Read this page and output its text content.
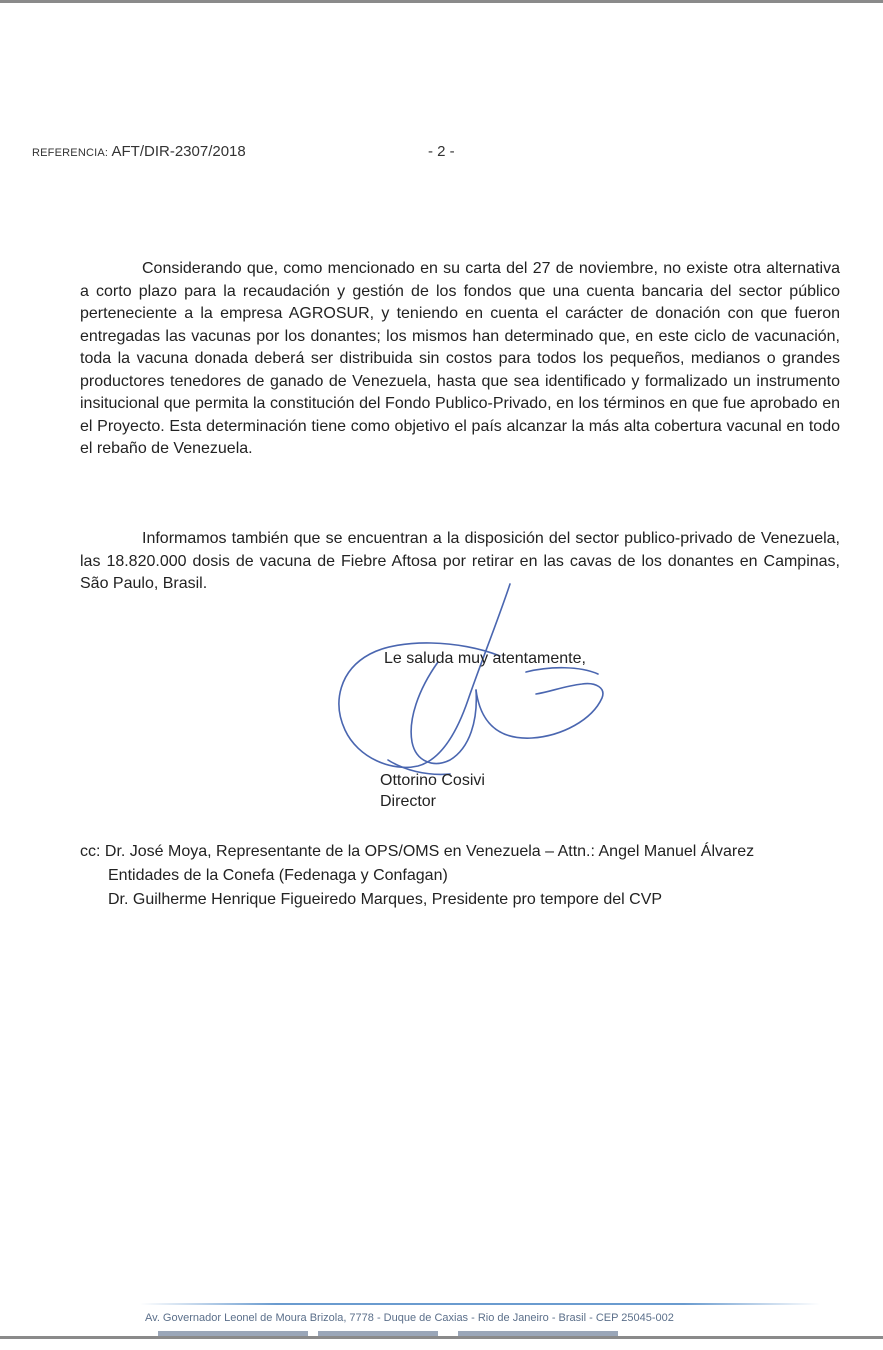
REFERENCIA: AFT/DIR-2307/2018	- 2 -

Considerando que, como mencionado en su carta del 27 de noviembre, no existe otra alternativa a corto plazo para la recaudación y gestión de los fondos que una cuenta bancaria del sector público perteneciente a la empresa AGROSUR, y teniendo en cuenta el carácter de donación con que fueron entregadas las vacunas por los donantes; los mismos han determinado que, en este ciclo de vacunación, toda la vacuna donada deberá ser distribuida sin costos para todos los pequeños, medianos o grandes productores tenedores de ganado de Venezuela, hasta que sea identificado y formalizado un instrumento insitucional que permita la constitución del Fondo Publico-Privado, en los términos en que fue aprobado en el Proyecto. Esta determinación tiene como objetivo el país alcanzar la más alta cobertura vacunal en todo el rebaño de Venezuela.

Informamos también que se encuentran a la disposición del sector publico-privado de Venezuela, las 18.820.000 dosis de vacuna de Fiebre Aftosa por retirar en las cavas de los donantes en Campinas, São Paulo, Brasil.

Le saluda muy atentamente,
Ottorino Cosivi
Director
cc: Dr. José Moya, Representante de la OPS/OMS en Venezuela – Attn.: Angel Manuel Álvarez
Entidades de la Conefa (Fedenaga y Confagan)
Dr. Guilherme Henrique Figueiredo Marques, Presidente pro tempore del CVP
Av. Governador Leonel de Moura Brizola, 7778 - Duque de Caxias - Rio de Janeiro - Brasil - CEP 25045-002
